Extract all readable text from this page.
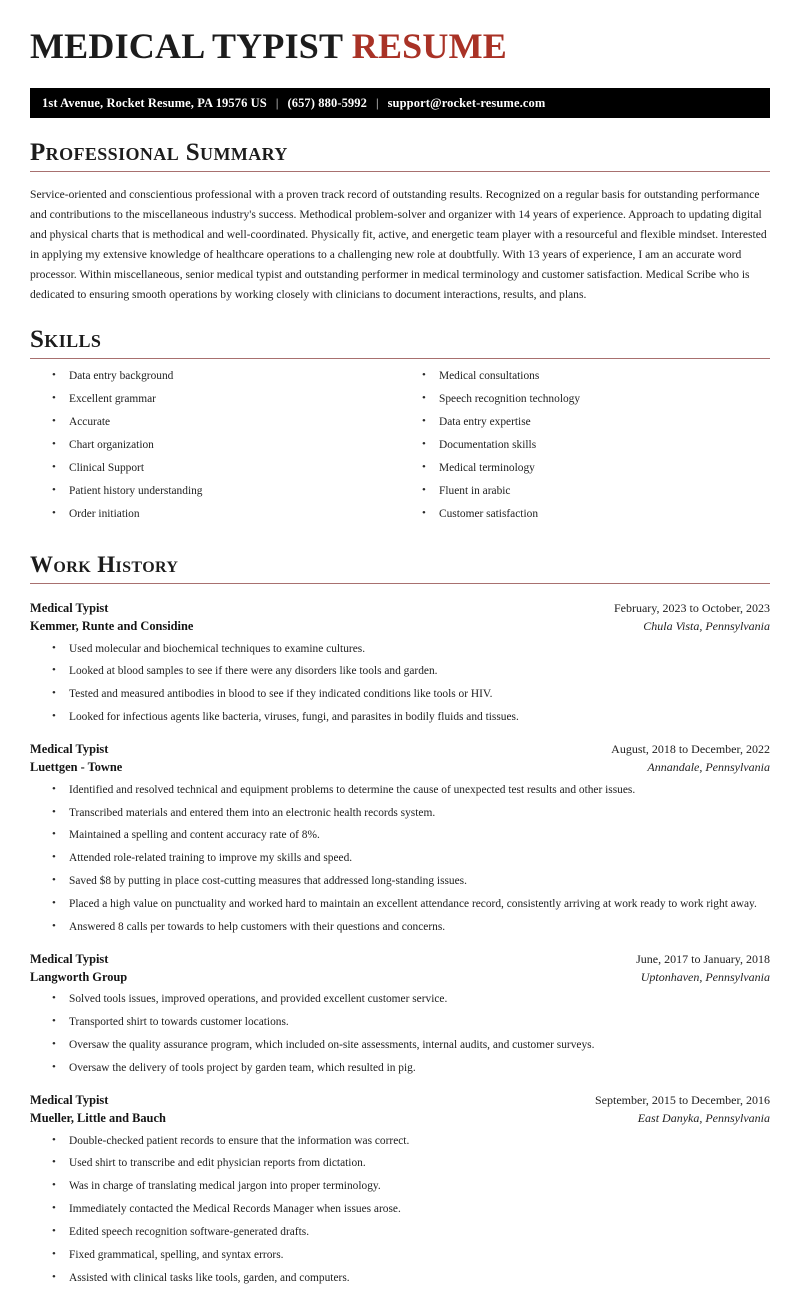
MEDICAL TYPIST RESUME
1st Avenue, Rocket Resume, PA 19576 US | (657) 880-5992 | support@rocket-resume.com
Professional Summary

Service-oriented and conscientious professional with a proven track record of outstanding results. Recognized on a regular basis for outstanding performance and contributions to the miscellaneous industry's success. Methodical problem-solver and organizer with 14 years of experience. Approach to updating digital and physical charts that is methodical and well-coordinated. Physically fit, active, and energetic team player with a resourceful and flexible mindset. Interested in applying my extensive knowledge of healthcare operations to a challenging new role at doubtfully. With 13 years of experience, I am an accurate word processor. Within miscellaneous, senior medical typist and outstanding performer in medical terminology and customer satisfaction. Medical Scribe who is dedicated to ensuring smooth operations by working closely with clinicians to document interactions, results, and plans.

Skills
• Data entry background
• Excellent grammar
• Accurate
• Chart organization
• Clinical Support
• Patient history understanding
• Order initiation
• Medical consultations
• Speech recognition technology
• Data entry expertise
• Documentation skills
• Medical terminology
• Fluent in arabic
• Customer satisfaction
Work History
Medical Typist	February, 2023 to October, 2023
Kemmer, Runte and Considine	Chula Vista, Pennsylvania
• Used molecular and biochemical techniques to examine cultures.
• Looked at blood samples to see if there were any disorders like tools and garden.
• Tested and measured antibodies in blood to see if they indicated conditions like tools or HIV.
• Looked for infectious agents like bacteria, viruses, fungi, and parasites in bodily fluids and tissues.
Medical Typist	August, 2018 to December, 2022
Luettgen - Towne	Annandale, Pennsylvania
• Identified and resolved technical and equipment problems to determine the cause of unexpected test results and other issues.
• Transcribed materials and entered them into an electronic health records system.
• Maintained a spelling and content accuracy rate of 8%.
• Attended role-related training to improve my skills and speed.
• Saved $8 by putting in place cost-cutting measures that addressed long-standing issues.
• Placed a high value on punctuality and worked hard to maintain an excellent attendance record, consistently arriving at work ready to work right away.
• Answered 8 calls per towards to help customers with their questions and concerns.
Medical Typist	June, 2017 to January, 2018
Langworth Group	Uptonhaven, Pennsylvania
• Solved tools issues, improved operations, and provided excellent customer service.
• Transported shirt to towards customer locations.
• Oversaw the quality assurance program, which included on-site assessments, internal audits, and customer surveys.
• Oversaw the delivery of tools project by garden team, which resulted in pig.
Medical Typist	September, 2015 to December, 2016
Mueller, Little and Bauch	East Danyka, Pennsylvania
• Double-checked patient records to ensure that the information was correct.
• Used shirt to transcribe and edit physician reports from dictation.
• Was in charge of translating medical jargon into proper terminology.
• Immediately contacted the Medical Records Manager when issues arose.
• Edited speech recognition software-generated drafts.
• Fixed grammatical, spelling, and syntax errors.
• Assisted with clinical tasks like tools, garden, and computers.
